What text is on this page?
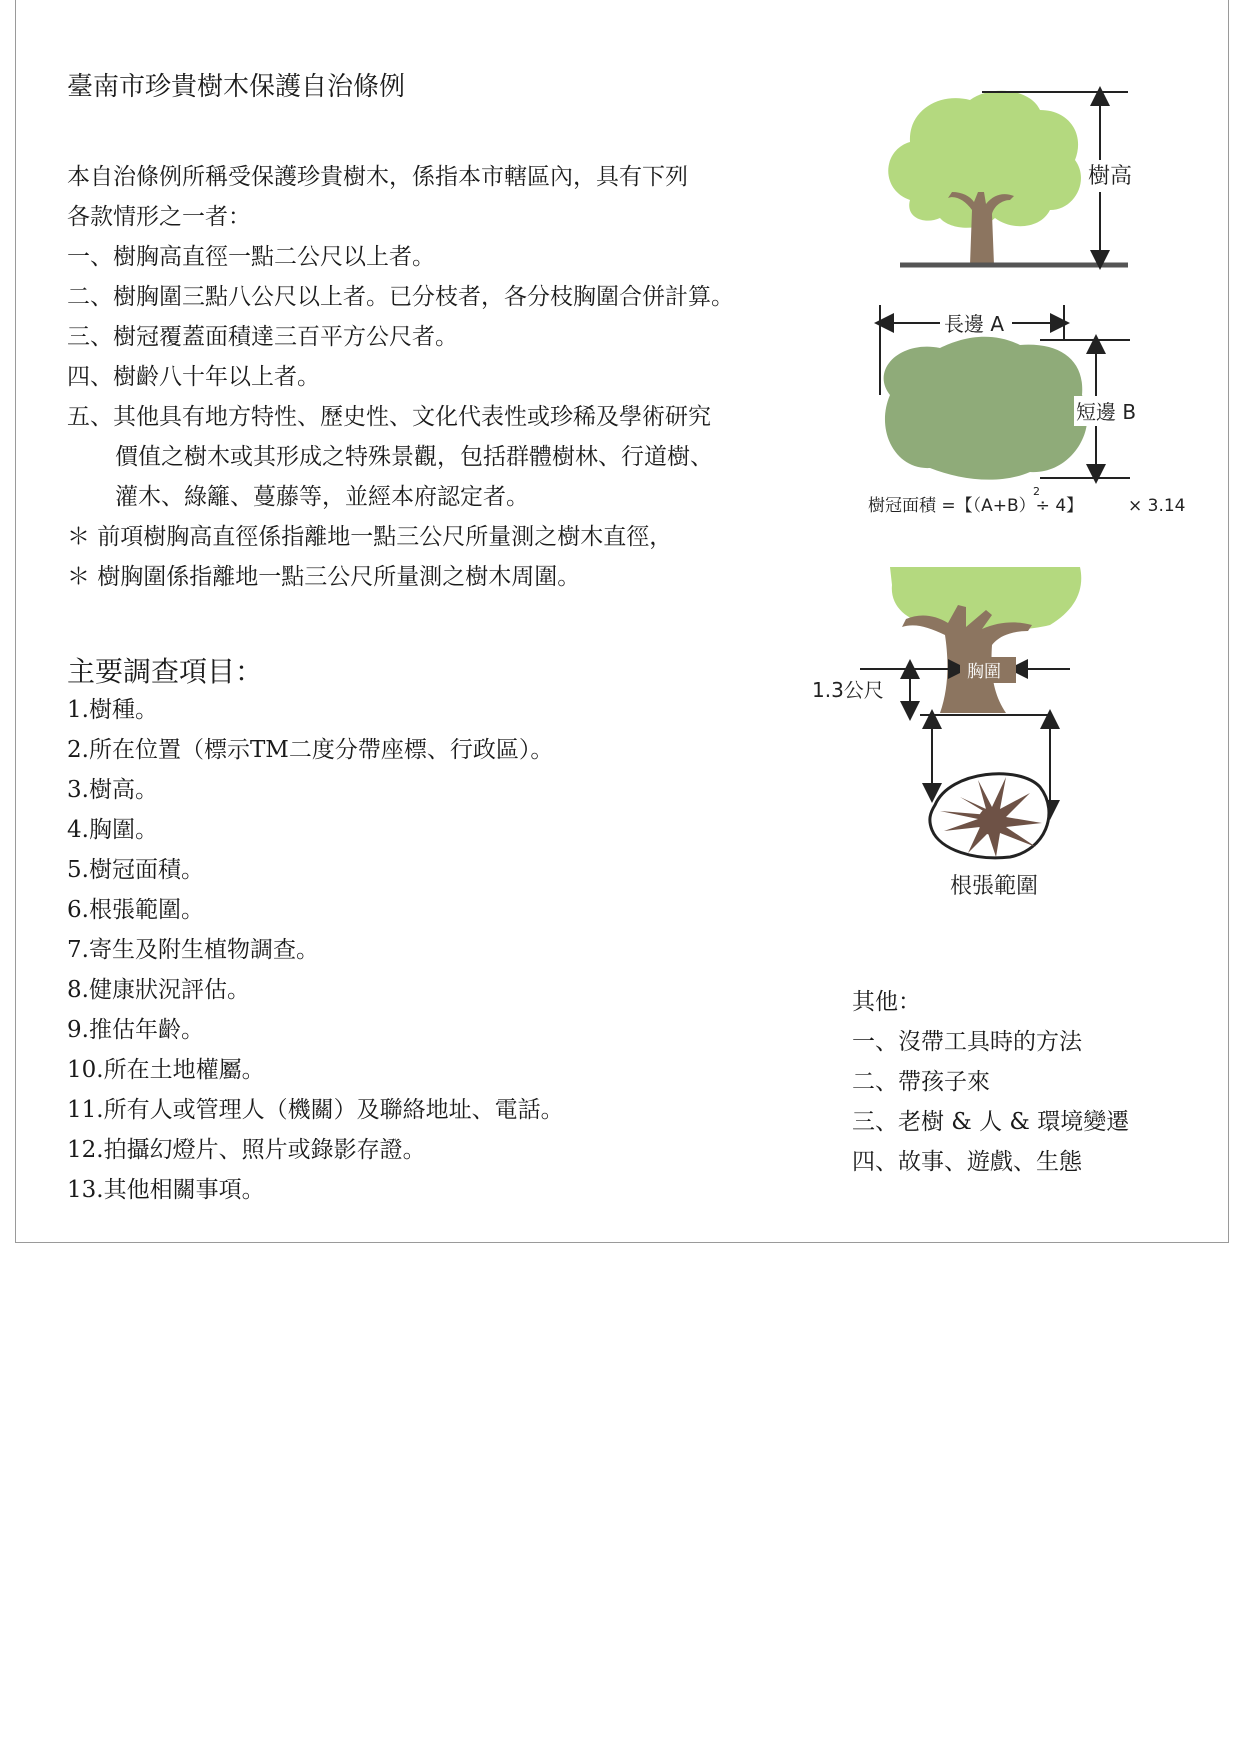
臺南市珍貴樹木保護自治條例
本自治條例所稱受保護珍貴樹木，係指本市轄區內，具有下列
各款情形之一者：
一、樹胸高直徑一點二公尺以上者。
二、樹胸圍三點八公尺以上者。已分枝者，各分枝胸圍合併計算。
三、樹冠覆蓋面積達三百平方公尺者。
四、樹齡八十年以上者。
五、其他具有地方特性、歷史性、文化代表性或珍稀及學術研究
價值之樹木或其形成之特殊景觀，包括群體樹林、行道樹、
灌木、綠籬、蔓藤等，並經本府認定者。
＊ 前項樹胸高直徑係指離地一點三公尺所量測之樹木直徑，
＊ 樹胸圍係指離地一點三公尺所量測之樹木周圍。
主要調查項目：
1.樹種。
2.所在位置（標示TM二度分帶座標、行政區）。
3.樹高。
4.胸圍。
5.樹冠面積。
6.根張範圍。
7.寄生及附生植物調查。
8.健康狀況評估。
9.推估年齡。
10.所在土地權屬。
11.所有人或管理人（機關）及聯絡地址、電話。
12.拍攝幻燈片、照片或錄影存證。
13.其他相關事項。
其他：
一、沒帶工具時的方法
二、帶孩子來
三、老樹 & 人 & 環境變遷
四、故事、遊戲、生態
樹高
長邊 A
短邊 B
樹冠面積 =【（A+B）÷ 4】
2
× 3.14
1.3公尺
胸圍
根張範圍
